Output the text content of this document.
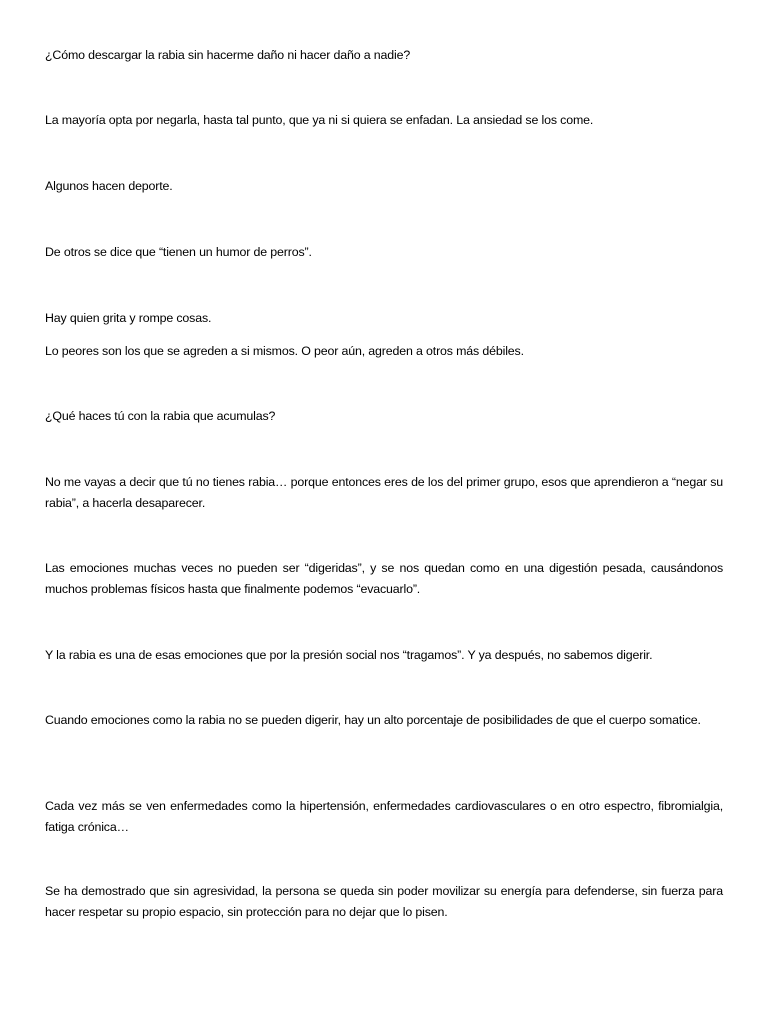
¿Cómo descargar la rabia sin hacerme daño ni hacer daño a nadie?

La mayoría opta por negarla, hasta tal punto, que ya ni si quiera se enfadan. La ansiedad se los come.

Algunos hacen deporte.

De otros se dice que “tienen un humor de perros”.

Hay quien grita y rompe cosas.

Lo peores son los que se agreden a si mismos. O peor aún, agreden a otros más débiles.

¿Qué haces tú con la rabia que acumulas?

No me vayas a decir que tú no tienes rabia… porque entonces eres de los del primer grupo, esos que aprendieron a “negar su rabia”, a hacerla desaparecer.

Las emociones muchas veces no pueden ser “digeridas”, y se nos quedan como en una digestión pesada, causándonos muchos problemas físicos hasta que finalmente podemos “evacuarlo”.

Y la rabia es una de esas emociones que por la presión social nos “tragamos”. Y ya después, no sabemos digerir.

Cuando emociones como la rabia no se pueden digerir, hay un alto porcentaje de posibilidades de que el cuerpo somatice.

Cada vez más se ven enfermedades como la hipertensión, enfermedades cardiovasculares o en otro espectro, fibromialgia, fatiga crónica…

Se ha demostrado que sin agresividad, la persona se queda sin poder movilizar su energía para defenderse, sin fuerza para hacer respetar su propio espacio, sin protección para no dejar que lo pisen.
